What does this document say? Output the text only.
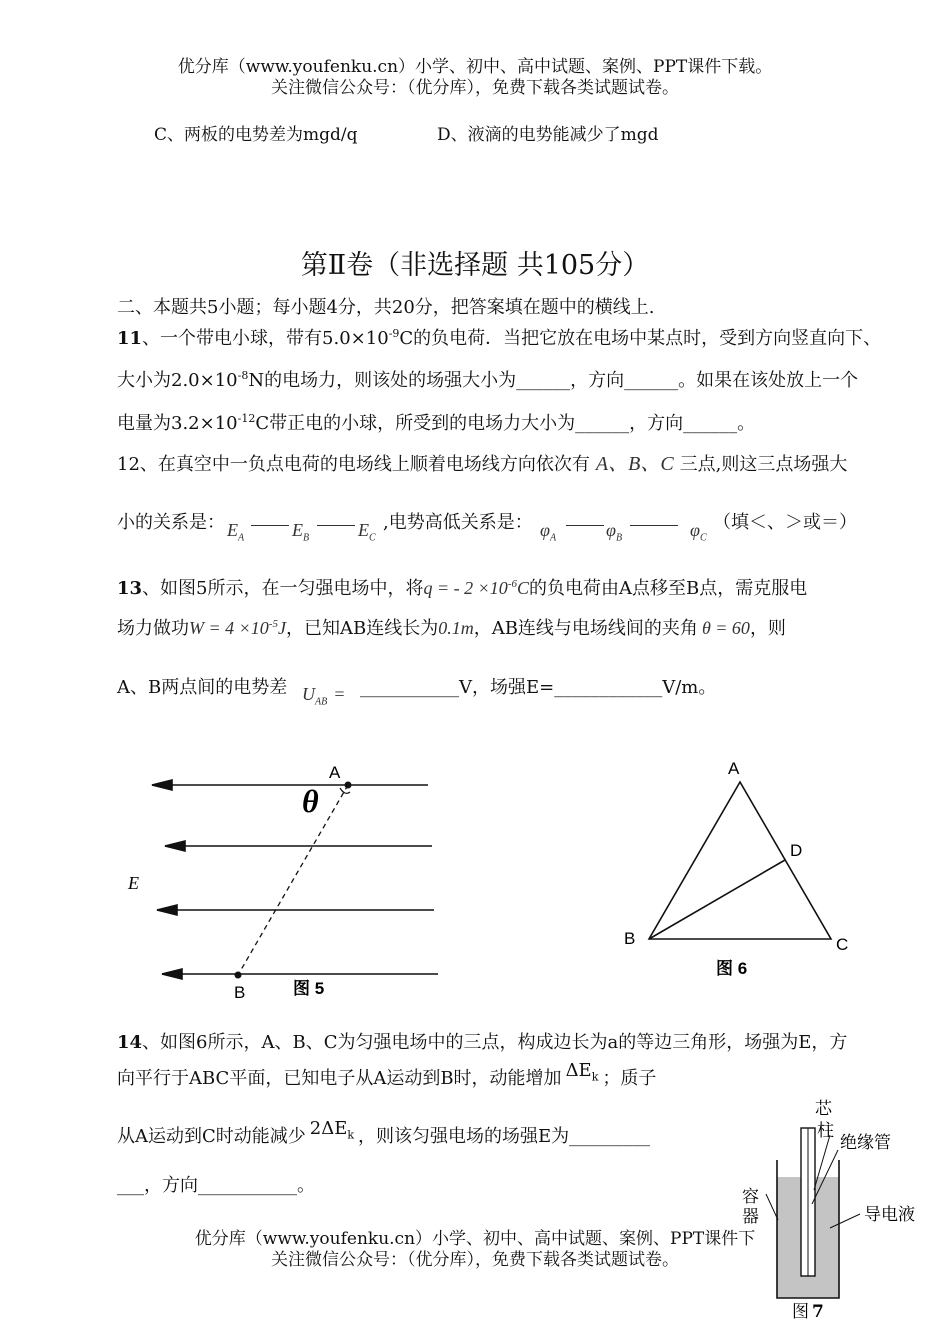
优分库（www.youfenku.cn）小学、初中、高中试题、案例、PPT课件下载。
关注微信公众号：（优分库），免费下载各类试题试卷。
C、两板的电势差为mgd/q	D、液滴的电势能减少了mgd
第Ⅱ卷（非选择题 共105分）
二、本题共5小题；每小题4分，共20分，把答案填在题中的横线上.
11、一个带电小球，带有$5.0\times 10^{-9}C$的负电荷．当把它放在电场中某点时，受到方向竖直向下、
大小为$2.0\times 10^{-8}N$的电场力，则该处的场强大小为______，方向______。如果在该处放上一个
电量为$3.2\times 10^{-12}C$带正电的小球，所受到的电场力大小为______，方向______。
12、在真空中一负点电荷的电场线上顺着电场线方向依次有 A、B、C 三点,则这三点场强大
小的关系是： $E_A$	$E_B$	$E_C$
,电势高低关系是： $\varphi_A$	$\varphi_B$	$\varphi_C$
（填＜、＞或＝）
13、如图5所示，在一匀强电场中，将q = - $2 \times 10^{-6}C$的负电荷由A点移至B点，需克服电
场力做功$W = 4 \times 10^{-5}J$，已知AB连线长为0.1m，AB连线与电场线间的夹角 θ = 60，则
A、B两点间的电势差 $U_{AB}$ = ___________V，场强E=____________V/m。
A
B
E
θ
图 5
A
B	C
D
图 6
14、如图6所示，A、B、C为匀强电场中的三点，构成边长为a的等边三角形，场强为E，方
向平行于ABC平面，已知电子从A运动到B时，动能增加 $\Delta E_k$ ；质子
从A运动到C时动能减少 $2\Delta E_k$ ，则该匀强电场的场强E为_________
___，方向___________。
优分库（www.youfenku.cn）小学、初中、高中试题、案例、PPT课件下
关注微信公众号：（优分库），免费下载各类试题试卷。
芯
柱
绝缘管
容
器	导电液
图 7
